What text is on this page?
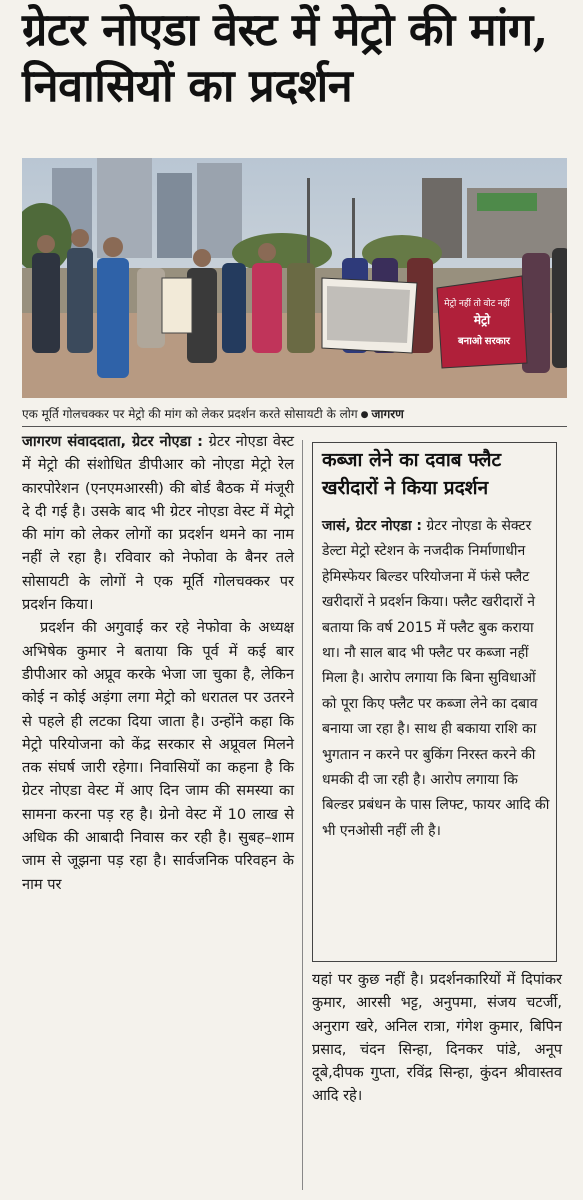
ग्रेटर नोएडा वेस्ट में मेट्रो की मांग, निवासियों का प्रदर्शन
मेट्रो नहीं तो वोट नहीं
मेट्रो
बनाओ सरकार
एक मूर्ति गोलचक्कर पर मेट्रो की मांग को लेकर प्रदर्शन करते सोसायटी के लोग ● जागरण

जागरण संवाददाता, ग्रेटर नोएडा : ग्रेटर नोएडा वेस्ट में मेट्रो की संशोधित डीपीआर को नोएडा मेट्रो रेल कारपोरेशन (एनएमआरसी) की बोर्ड बैठक में मंजूरी दे दी गई है। उसके बाद भी ग्रेटर नोएडा वेस्ट में मेट्रो की मांग को लेकर लोगों का प्रदर्शन थमने का नाम नहीं ले रहा है। रविवार को नेफोवा के बैनर तले सोसायटी के लोगों ने एक मूर्ति गोलचक्कर पर प्रदर्शन किया।

प्रदर्शन की अगुवाई कर रहे नेफोवा के अध्यक्ष अभिषेक कुमार ने बताया कि पूर्व में कई बार डीपीआर को अप्रूव करके भेजा जा चुका है, लेकिन कोई न कोई अड़ंगा लगा मेट्रो को धरातल पर उतरने से पहले ही लटका दिया जाता है। उन्होंने कहा कि मेट्रो परियोजना को केंद्र सरकार से अप्रूवल मिलने तक संघर्ष जारी रहेगा। निवासियों का कहना है कि ग्रेटर नोएडा वेस्ट में आए दिन जाम की समस्या का सामना करना पड़ रह है। ग्रेनो वेस्ट में 10 लाख से अधिक की आबादी निवास कर रही है। सुबह–शाम जाम से जूझना पड़ रहा है। सार्वजनिक परिवहन के नाम पर

कब्जा लेने का दवाब फ्लैट खरीदारों ने किया प्रदर्शन

जासं, ग्रेटर नोएडा : ग्रेटर नोएडा के सेक्टर डेल्टा मेट्रो स्टेशन के नजदीक निर्माणाधीन हेमिस्फेयर बिल्डर परियोजना में फंसे फ्लैट खरीदारों ने प्रदर्शन किया। फ्लैट खरीदारों ने बताया कि वर्ष 2015 में फ्लैट बुक कराया था। नौ साल बाद भी फ्लैट पर कब्जा नहीं मिला है। आरोप लगाया कि बिना सुविधाओं को पूरा किए फ्लैट पर कब्जा लेने का दबाव बनाया जा रहा है। साथ ही बकाया राशि का भुगतान न करने पर बुकिंग निरस्त करने की धमकी दी जा रही है। आरोप लगाया कि बिल्डर प्रबंधन के पास लिफ्ट, फायर आदि की भी एनओसी नहीं ली है।

यहां पर कुछ नहीं है। प्रदर्शनकारियों में दिपांकर कुमार, आरसी भट्ट, अनुपमा, संजय चटर्जी, अनुराग खरे, अनिल रात्रा, गंगेश कुमार, बिपिन प्रसाद, चंदन सिन्हा, दिनकर पांडे, अनूप दूबे,दीपक गुप्ता, रविंद्र सिन्हा, कुंदन श्रीवास्तव आदि रहे।
